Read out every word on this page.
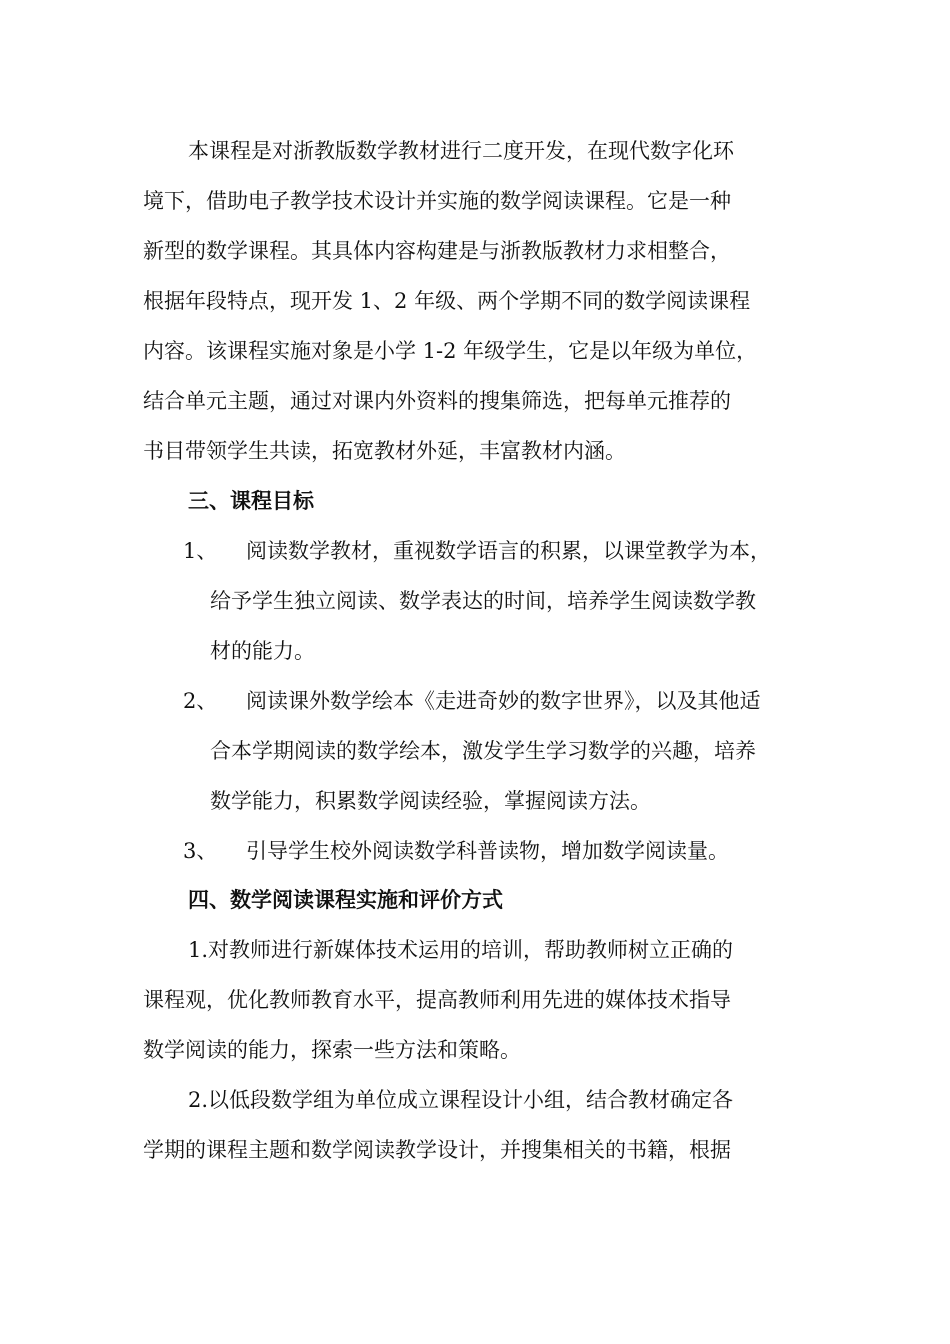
本课程是对浙教版数学教材进行二度开发，在现代数字化环
境下，借助电子教学技术设计并实施的数学阅读课程。它是一种
新型的数学课程。其具体内容构建是与浙教版教材力求相整合，
根据年段特点，现开发 1、2 年级、两个学期不同的数学阅读课程
内容。该课程实施对象是小学 1-2 年级学生，它是以年级为单位，
结合单元主题，通过对课内外资料的搜集筛选，把每单元推荐的
书目带领学生共读，拓宽教材外延，丰富教材内涵。
三、课程目标
1、 阅读数学教材，重视数学语言的积累，以课堂教学为本，
给予学生独立阅读、数学表达的时间，培养学生阅读数学教
材的能力。
2、 阅读课外数学绘本《走进奇妙的数字世界》，以及其他适
合本学期阅读的数学绘本，激发学生学习数学的兴趣，培养
数学能力，积累数学阅读经验，掌握阅读方法。
3、 引导学生校外阅读数学科普读物，增加数学阅读量。
四、数学阅读课程实施和评价方式
1.对教师进行新媒体技术运用的培训，帮助教师树立正确的
课程观，优化教师教育水平，提高教师利用先进的媒体技术指导
数学阅读的能力，探索一些方法和策略。
2.以低段数学组为单位成立课程设计小组，结合教材确定各
学期的课程主题和数学阅读教学设计，并搜集相关的书籍，根据
